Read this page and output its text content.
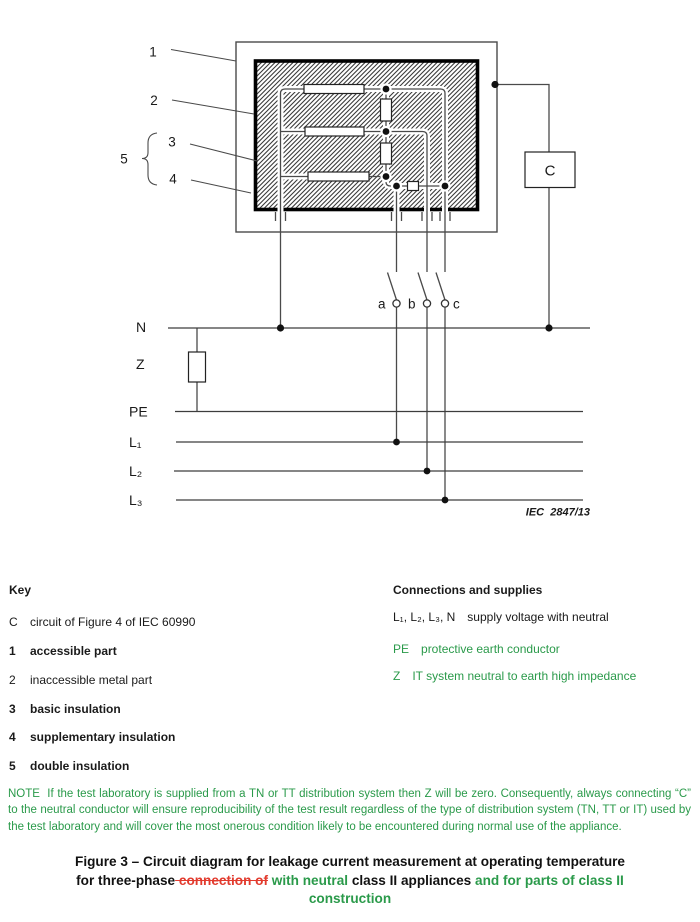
1
2
3
4
5
C
a b	c
N
Z
PE
L₁
L₂
L₃
IEC  2847/13
Key
C circuit of Figure 4 of IEC 60990
1 accessible part
2 inaccessible metal part
3 basic insulation
4 supplementary insulation
5 double insulation
Connections and supplies
L₁, L₂, L₃, N supply voltage with neutral
PE protective earth conductor
Z IT system neutral to earth high impedance

NOTE  If the test laboratory is supplied from a TN or TT distribution system then Z will be zero. Consequently, always connecting “C” to the neutral conductor will ensure reproducibility of the test result regardless of the type of distribution system (TN, TT or IT) used by the test laboratory and will cover the most onerous condition likely to be encountered during normal use of the appliance.

Figure 3 – Circuit diagram for leakage current measurement at operating temperature
for three-phase connection of with neutral class II appliances and for parts of class II
construction
